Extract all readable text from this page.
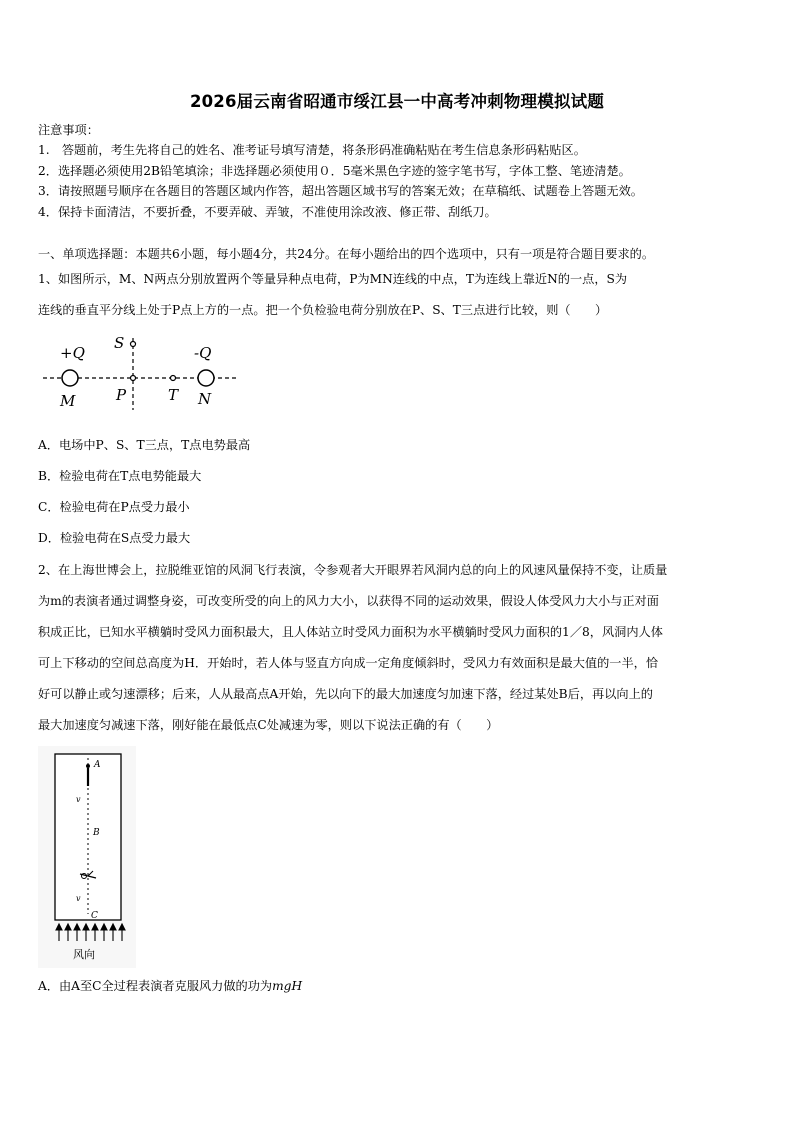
2026届云南省昭通市绥江县一中高考冲刺物理模拟试题
注意事项：
1.　答题前，考生先将自己的姓名、准考证号填写清楚，将条形码准确粘贴在考生信息条形码粘贴区。
2．选择题必须使用2B铅笔填涂；非选择题必须使用０．5毫米黑色字迹的签字笔书写，字体工整、笔迹清楚。
3．请按照题号顺序在各题目的答题区域内作答，超出答题区域书写的答案无效；在草稿纸、试题卷上答题无效。
4．保持卡面清洁，不要折叠，不要弄破、弄皱，不准使用涂改液、修正带、刮纸刀。
一、单项选择题：本题共6小题，每小题4分，共24分。在每小题给出的四个选项中，只有一项是符合题目要求的。
1、如图所示，M、N两点分别放置两个等量异种点电荷，P为MN连线的中点，T为连线上靠近N的一点，S为
连线的垂直平分线上处于P点上方的一点。把一个负检验电荷分别放在P、S、T三点进行比较，则（　　）
+Q	-Q
S
M	P	T N
A．电场中P、S、T三点，T点电势最高
B．检验电荷在T点电势能最大
C．检验电荷在P点受力最小
D．检验电荷在S点受力最大
2、在上海世博会上，拉脱维亚馆的风洞飞行表演，令参观者大开眼界若风洞内总的向上的风速风量保持不变，让质量
为m的表演者通过调整身姿，可改变所受的向上的风力大小，以获得不同的运动效果，假设人体受风力大小与正对面
积成正比，已知水平横躺时受风力面积最大，且人体站立时受风力面积为水平横躺时受风力面积的1／8，风洞内人体
可上下移动的空间总高度为H．开始时，若人体与竖直方向成一定角度倾斜时，受风力有效面积是最大值的一半，恰
好可以静止或匀速漂移；后来，人从最高点A开始，先以向下的最大加速度匀加速下落，经过某处B后，再以向上的
最大加速度匀减速下落，刚好能在最低点C处减速为零，则以下说法正确的有（　　）
A
v
B
v
C
风向
A．由A至C全过程表演者克服风力做的功为mgH
